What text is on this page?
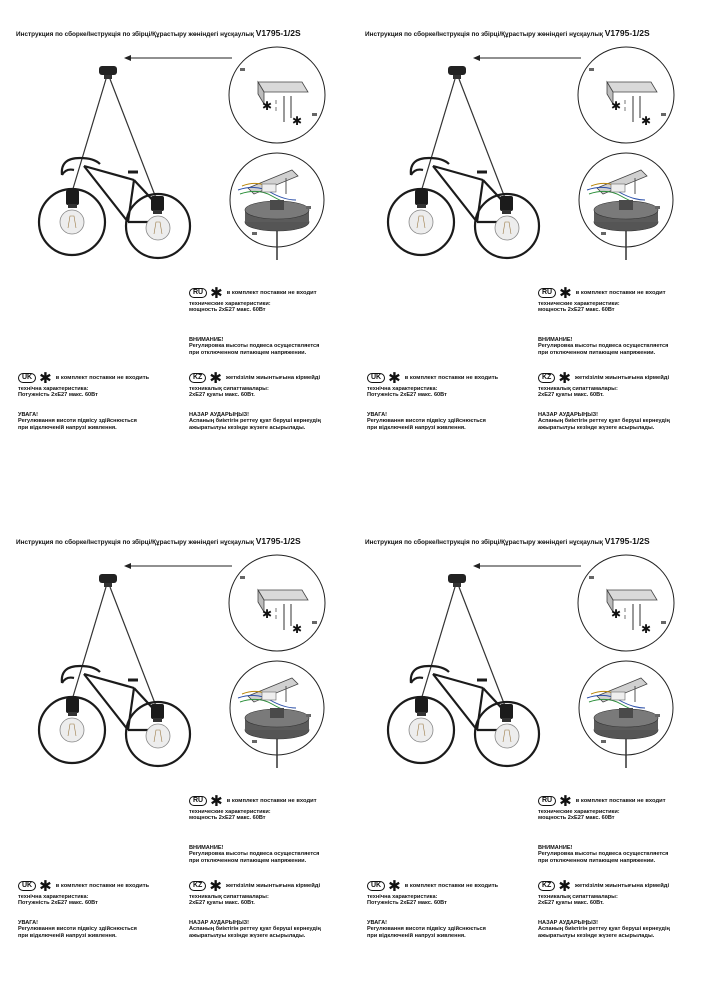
Инструкция по сборке/Інструкція по збірці/Құрастыру жөніндегі нұсқаулық V1795-1/2S
✱
✱
RU ✱ в комплект поставки не входит
технические характеристики:
мощность 2xE27 макс. 60Вт
ВНИМАНИЕ!
Регулировка высоты подвеса осуществляется
при отключенном питающем напряжении.
UK ✱ в комплект поставки не входить
технічна характеристика:
Потужність 2xE27 макс. 60Вт
УВАГА!
Регулювання висоти підвісу здійснюється
при відключеній напрузі живлення.
KZ ✱ жеткізілім жиынтығына кірмейді
техникалық сипаттамалары:
2хЕ27 қуаты макс. 60Вт.
НАЗАР АУДАРЫҢЫЗ!
Аспаның биіктігін реттеу қуат беруші кернеудің
ажыратылуы кезінде жүзеге асырылады.
Инструкция по сборке/Інструкція по збірці/Құрастыру жөніндегі нұсқаулық V1795-1/2S
✱
✱
RU ✱ в комплект поставки не входит
технические характеристики:
мощность 2xE27 макс. 60Вт
ВНИМАНИЕ!
Регулировка высоты подвеса осуществляется
при отключенном питающем напряжении.
UK ✱ в комплект поставки не входить
технічна характеристика:
Потужність 2xE27 макс. 60Вт
УВАГА!
Регулювання висоти підвісу здійснюється
при відключеній напрузі живлення.
KZ ✱ жеткізілім жиынтығына кірмейді
техникалық сипаттамалары:
2хЕ27 қуаты макс. 60Вт.
НАЗАР АУДАРЫҢЫЗ!
Аспаның биіктігін реттеу қуат беруші кернеудің
ажыратылуы кезінде жүзеге асырылады.
Инструкция по сборке/Інструкція по збірці/Құрастыру жөніндегі нұсқаулық V1795-1/2S
✱
✱
RU ✱ в комплект поставки не входит
технические характеристики:
мощность 2xE27 макс. 60Вт
ВНИМАНИЕ!
Регулировка высоты подвеса осуществляется
при отключенном питающем напряжении.
UK ✱ в комплект поставки не входить
технічна характеристика:
Потужність 2xE27 макс. 60Вт
УВАГА!
Регулювання висоти підвісу здійснюється
при відключеній напрузі живлення.
KZ ✱ жеткізілім жиынтығына кірмейді
техникалық сипаттамалары:
2хЕ27 қуаты макс. 60Вт.
НАЗАР АУДАРЫҢЫЗ!
Аспаның биіктігін реттеу қуат беруші кернеудің
ажыратылуы кезінде жүзеге асырылады.
Инструкция по сборке/Інструкція по збірці/Құрастыру жөніндегі нұсқаулық V1795-1/2S
✱
✱
RU ✱ в комплект поставки не входит
технические характеристики:
мощность 2xE27 макс. 60Вт
ВНИМАНИЕ!
Регулировка высоты подвеса осуществляется
при отключенном питающем напряжении.
UK ✱ в комплект поставки не входить
технічна характеристика:
Потужність 2xE27 макс. 60Вт
УВАГА!
Регулювання висоти підвісу здійснюється
при відключеній напрузі живлення.
KZ ✱ жеткізілім жиынтығына кірмейді
техникалық сипаттамалары:
2хЕ27 қуаты макс. 60Вт.
НАЗАР АУДАРЫҢЫЗ!
Аспаның биіктігін реттеу қуат беруші кернеудің
ажыратылуы кезінде жүзеге асырылады.
